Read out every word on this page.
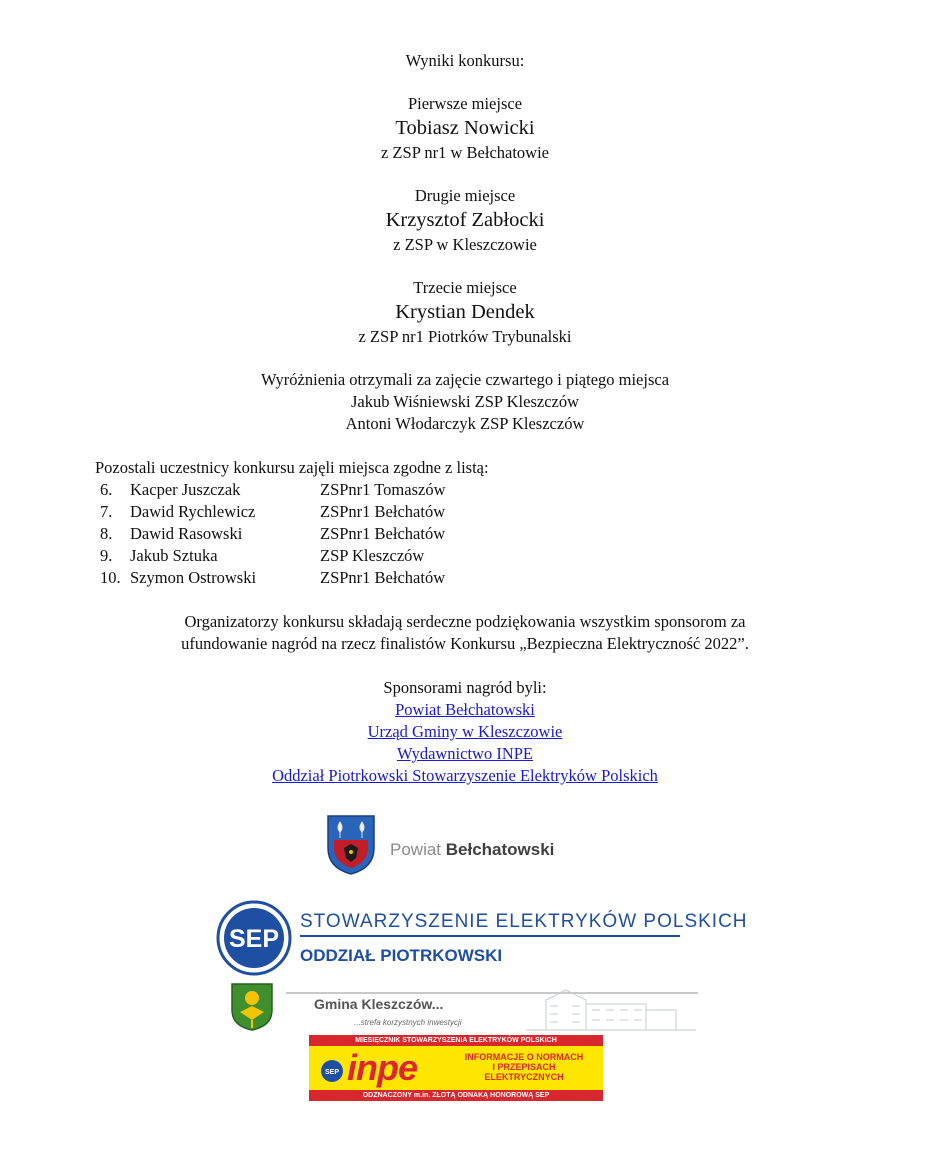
Wyniki konkursu:
Pierwsze miejsce
Tobiasz Nowicki
z ZSP nr1 w Bełchatowie
Drugie miejsce
Krzysztof Zabłocki
z ZSP w Kleszczowie
Trzecie miejsce
Krystian Dendek
z ZSP nr1 Piotrków Trybunalski
Wyróżnienia otrzymali za zajęcie czwartego i piątego miejsca
Jakub Wiśniewski ZSP Kleszczów
Antoni Włodarczyk ZSP Kleszczów
Pozostali uczestnicy konkursu zajęli miejsca zgodne z listą:
6. Kacper Juszczak	ZSPnr1 Tomaszów
7. Dawid Rychlewicz	ZSPnr1 Bełchatów
8. Dawid Rasowski	ZSPnr1 Bełchatów
9. Jakub Sztuka	ZSP Kleszczów
10. Szymon Ostrowski	ZSPnr1 Bełchatów
Organizatorzy konkursu składają serdeczne podziękowania wszystkim sponsorom za
ufundowanie nagród na rzecz finalistów Konkursu „Bezpieczna Elektryczność 2022”.
Sponsorami nagród byli:
Powiat Bełchatowski
Urząd Gminy w Kleszczowie
Wydawnictwo INPE
Oddział Piotrkowski Stowarzyszenie Elektryków Polskich
Powiat Bełchatowski
SEP
STOWARZYSZENIE ELEKTRYKÓW POLSKICH
ODDZIAŁ PIOTRKOWSKI
Gmina Kleszczów...
...strefa korzystnych inwestycji
MIESIĘCZNIK STOWARZYSZENIA ELEKTRYKÓW POLSKICH
SEP inpe	INFORMACJE O NORMACH
I PRZEPISACH
ELEKTRYCZNYCH
ODZNACZONY m.in. ZŁOTĄ ODNAKĄ HONOROWĄ SEP
